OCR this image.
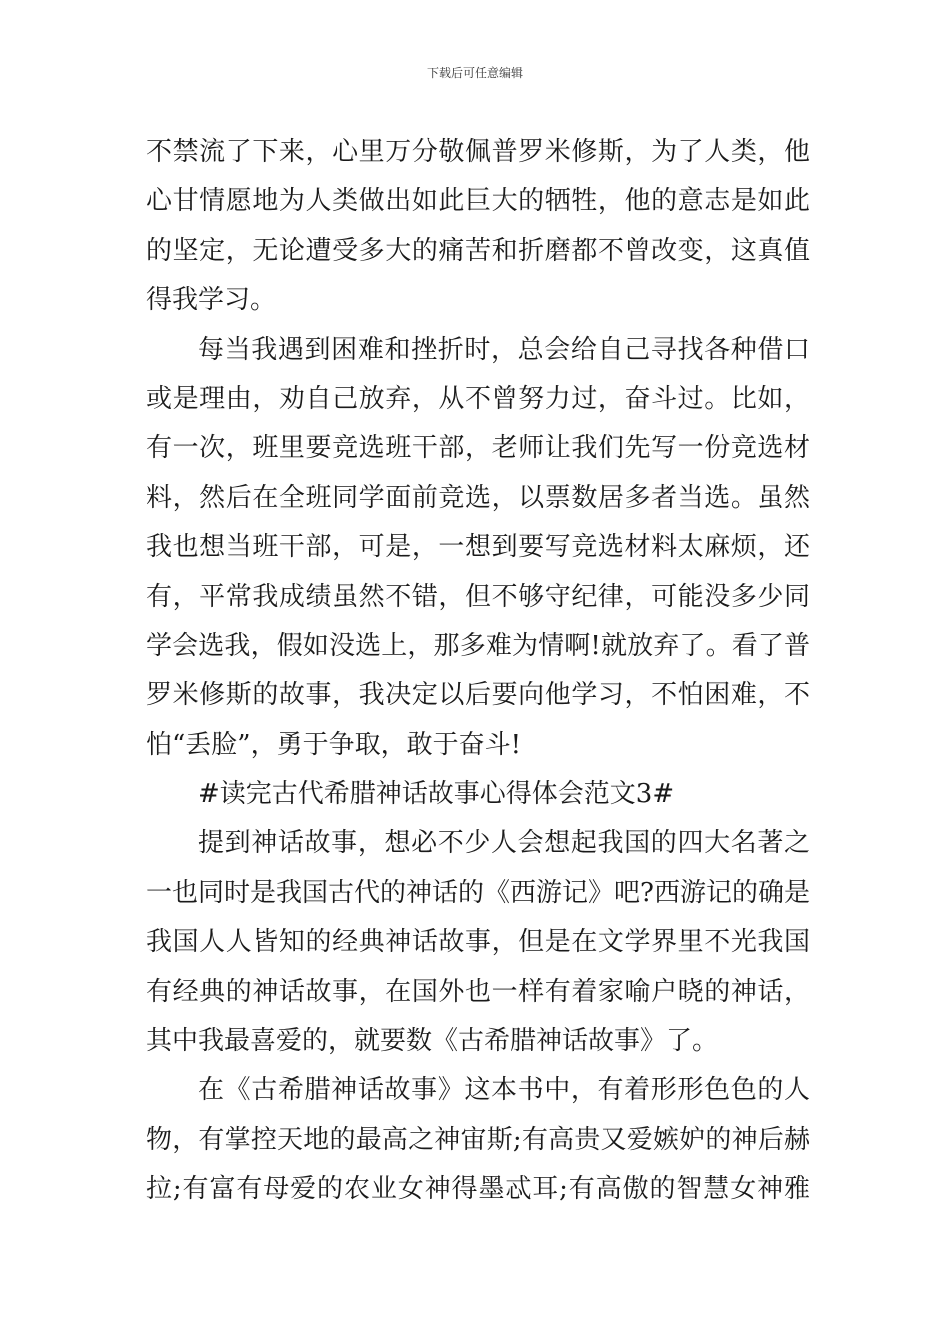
下载后可任意编辑
不禁流了下来，心里万分敬佩普罗米修斯，为了人类，他
心甘情愿地为人类做出如此巨大的牺牲，他的意志是如此
的坚定，无论遭受多大的痛苦和折磨都不曾改变，这真值
得我学习。
每当我遇到困难和挫折时，总会给自己寻找各种借口
或是理由，劝自己放弃，从不曾努力过，奋斗过。比如，
有一次，班里要竞选班干部，老师让我们先写一份竞选材
料，然后在全班同学面前竞选，以票数居多者当选。虽然
我也想当班干部，可是，一想到要写竞选材料太麻烦，还
有，平常我成绩虽然不错，但不够守纪律，可能没多少同
学会选我，假如没选上，那多难为情啊!就放弃了。看了普
罗米修斯的故事，我决定以后要向他学习，不怕困难，不
怕“丢脸”，勇于争取，敢于奋斗!
#读完古代希腊神话故事心得体会范文3#
提到神话故事，想必不少人会想起我国的四大名著之
一也同时是我国古代的神话的《西游记》吧?西游记的确是
我国人人皆知的经典神话故事，但是在文学界里不光我国
有经典的神话故事，在国外也一样有着家喻户晓的神话，
其中我最喜爱的，就要数《古希腊神话故事》了。
在《古希腊神话故事》这本书中，有着形形色色的人
物，有掌控天地的最高之神宙斯;有高贵又爱嫉妒的神后赫
拉;有富有母爱的农业女神得墨忒耳;有高傲的智慧女神雅
